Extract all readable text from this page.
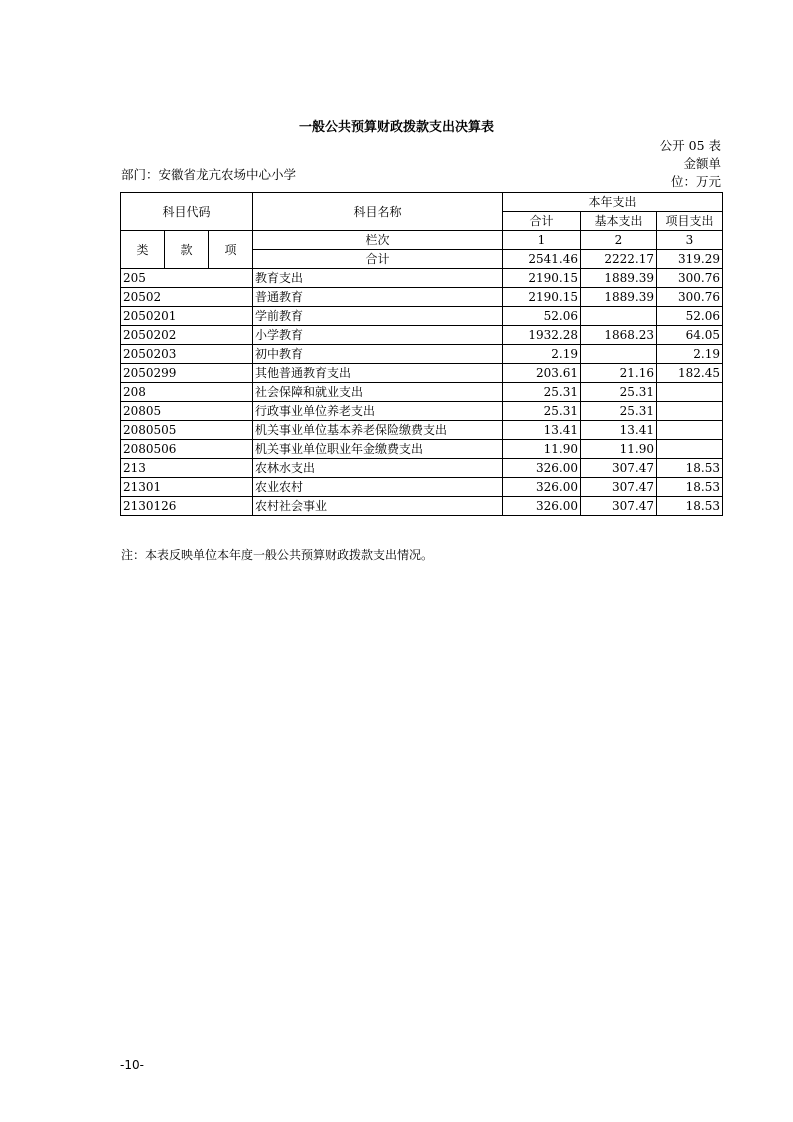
一般公共预算财政拨款支出决算表
公开 05 表
金额单
位：万元
部门：安徽省龙亢农场中心小学
科目代码			科目名称	本年支出		
				合计	基本支出	项目支出
类	款	项	栏次	1	2	3
			合计	2541.46	2222.17	319.29
205			教育支出	2190.15	1889.39	300.76
20502			普通教育	2190.15	1889.39	300.76
2050201			学前教育	52.06		52.06
2050202			小学教育	1932.28	1868.23	64.05
2050203			初中教育	2.19		2.19
2050299			其他普通教育支出	203.61	21.16	182.45
208			社会保障和就业支出	25.31	25.31	
20805			行政事业单位养老支出	25.31	25.31	
2080505			机关事业单位基本养老保险缴费支出	13.41	13.41	
2080506			机关事业单位职业年金缴费支出	11.90	11.90	
213			农林水支出	326.00	307.47	18.53
21301			农业农村	326.00	307.47	18.53
2130126			农村社会事业	326.00	307.47	18.53
注：本表反映单位本年度一般公共预算财政拨款支出情况。
-10-
